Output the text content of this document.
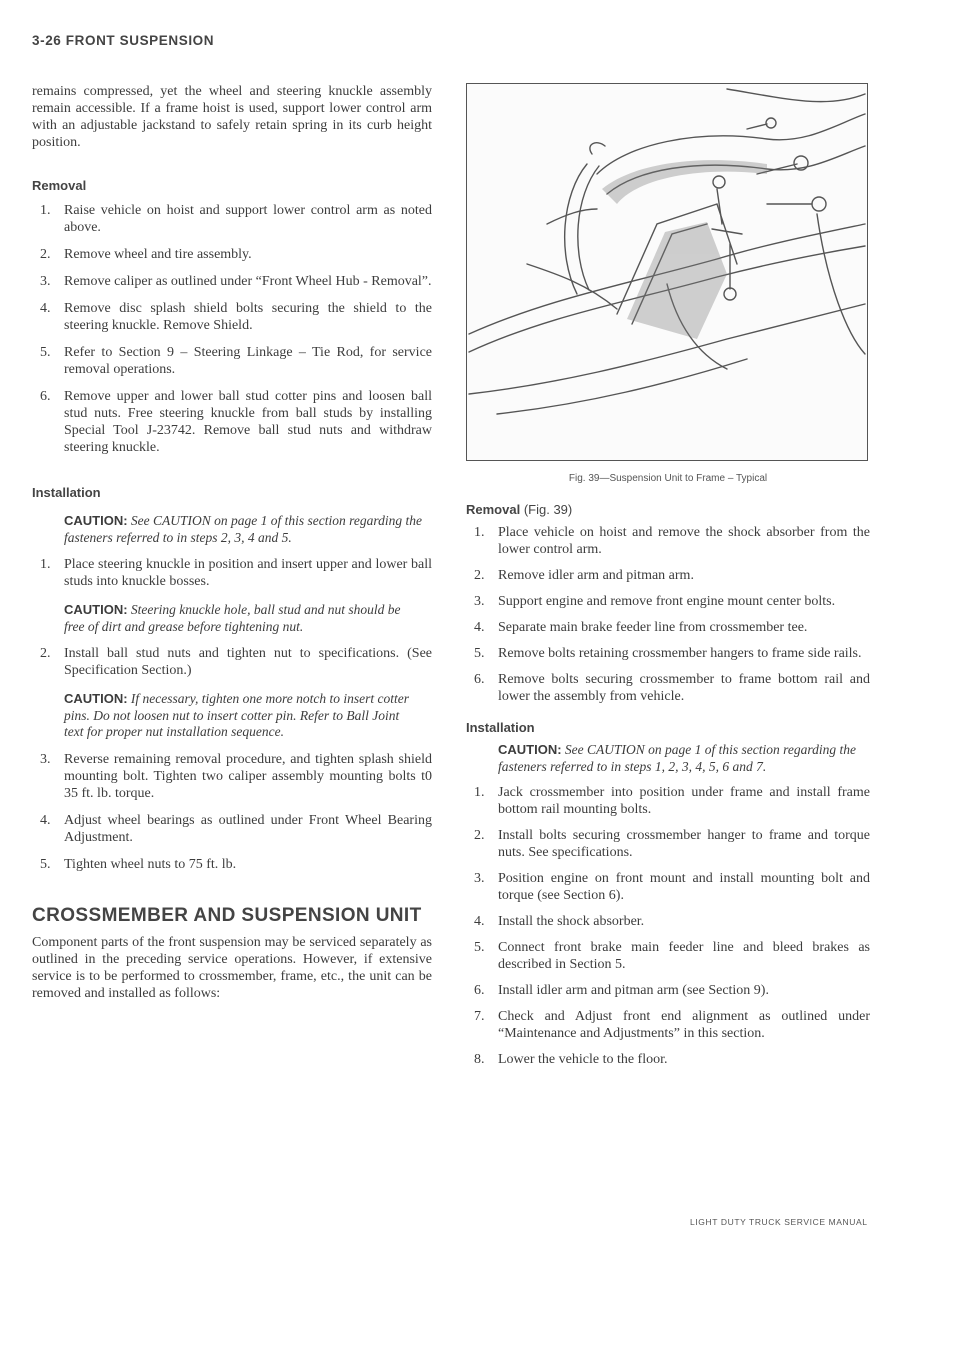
3-26 FRONT SUSPENSION

remains compressed, yet the wheel and steering knuckle assembly remain accessible. If a frame hoist is used, support lower control arm with an adjustable jackstand to safely retain spring in its curb height position.

Removal
1. Raise vehicle on hoist and support lower control arm as noted above.
2. Remove wheel and tire assembly.
3. Remove caliper as outlined under “Front Wheel Hub - Removal”.
4. Remove disc splash shield bolts securing the shield to the steering knuckle. Remove Shield.
5. Refer to Section 9 – Steering Linkage – Tie Rod, for service removal operations.
6. Remove upper and lower ball stud cotter pins and loosen ball stud nuts. Free steering knuckle from ball studs by installing Special Tool J-23742. Remove ball stud nuts and withdraw steering knuckle.
Installation
CAUTION: See CAUTION on page 1 of this section regarding the fasteners referred to in steps 2, 3, 4 and 5.
1. Place steering knuckle in position and insert upper and lower ball studs into knuckle bosses.
CAUTION: Steering knuckle hole, ball stud and nut should be free of dirt and grease before tightening nut.
2. Install ball stud nuts and tighten nut to specifications. (See Specification Section.)
CAUTION: If necessary, tighten one more notch to insert cotter pins. Do not loosen nut to insert cotter pin. Refer to Ball Joint text for proper nut installation sequence.
3. Reverse remaining removal procedure, and tighten splash shield mounting bolt. Tighten two caliper assembly mounting bolts t0 35 ft. lb. torque.
4. Adjust wheel bearings as outlined under Front Wheel Bearing Adjustment.
5. Tighten wheel nuts to 75 ft. lb.
CROSSMEMBER AND SUSPENSION UNIT

Component parts of the front suspension may be serviced separately as outlined in the preceding service operations. However, if extensive service is to be performed to crossmember, frame, etc., the unit can be removed and installed as follows:

Fig. 39—Suspension Unit to Frame – Typical
Removal (Fig. 39)
1. Place vehicle on hoist and remove the shock absorber from the lower control arm.
2. Remove idler arm and pitman arm.
3. Support engine and remove front engine mount center bolts.
4. Separate main brake feeder line from crossmember tee.
5. Remove bolts retaining crossmember hangers to frame side rails.
6. Remove bolts securing crossmember to frame bottom rail and lower the assembly from vehicle.
Installation
CAUTION: See CAUTION on page 1 of this section regarding the fasteners referred to in steps 1, 2, 3, 4, 5, 6 and 7.
1. Jack crossmember into position under frame and install frame bottom rail mounting bolts.
2. Install bolts securing crossmember hanger to frame and torque nuts. See specifications.
3. Position engine on front mount and install mounting bolt and torque (see Section 6).
4. Install the shock absorber.
5. Connect front brake main feeder line and bleed brakes as described in Section 5.
6. Install idler arm and pitman arm (see Section 9).
7. Check and Adjust front end alignment as outlined under “Maintenance and Adjustments” in this section.
8. Lower the vehicle to the floor.
LIGHT DUTY TRUCK SERVICE MANUAL
